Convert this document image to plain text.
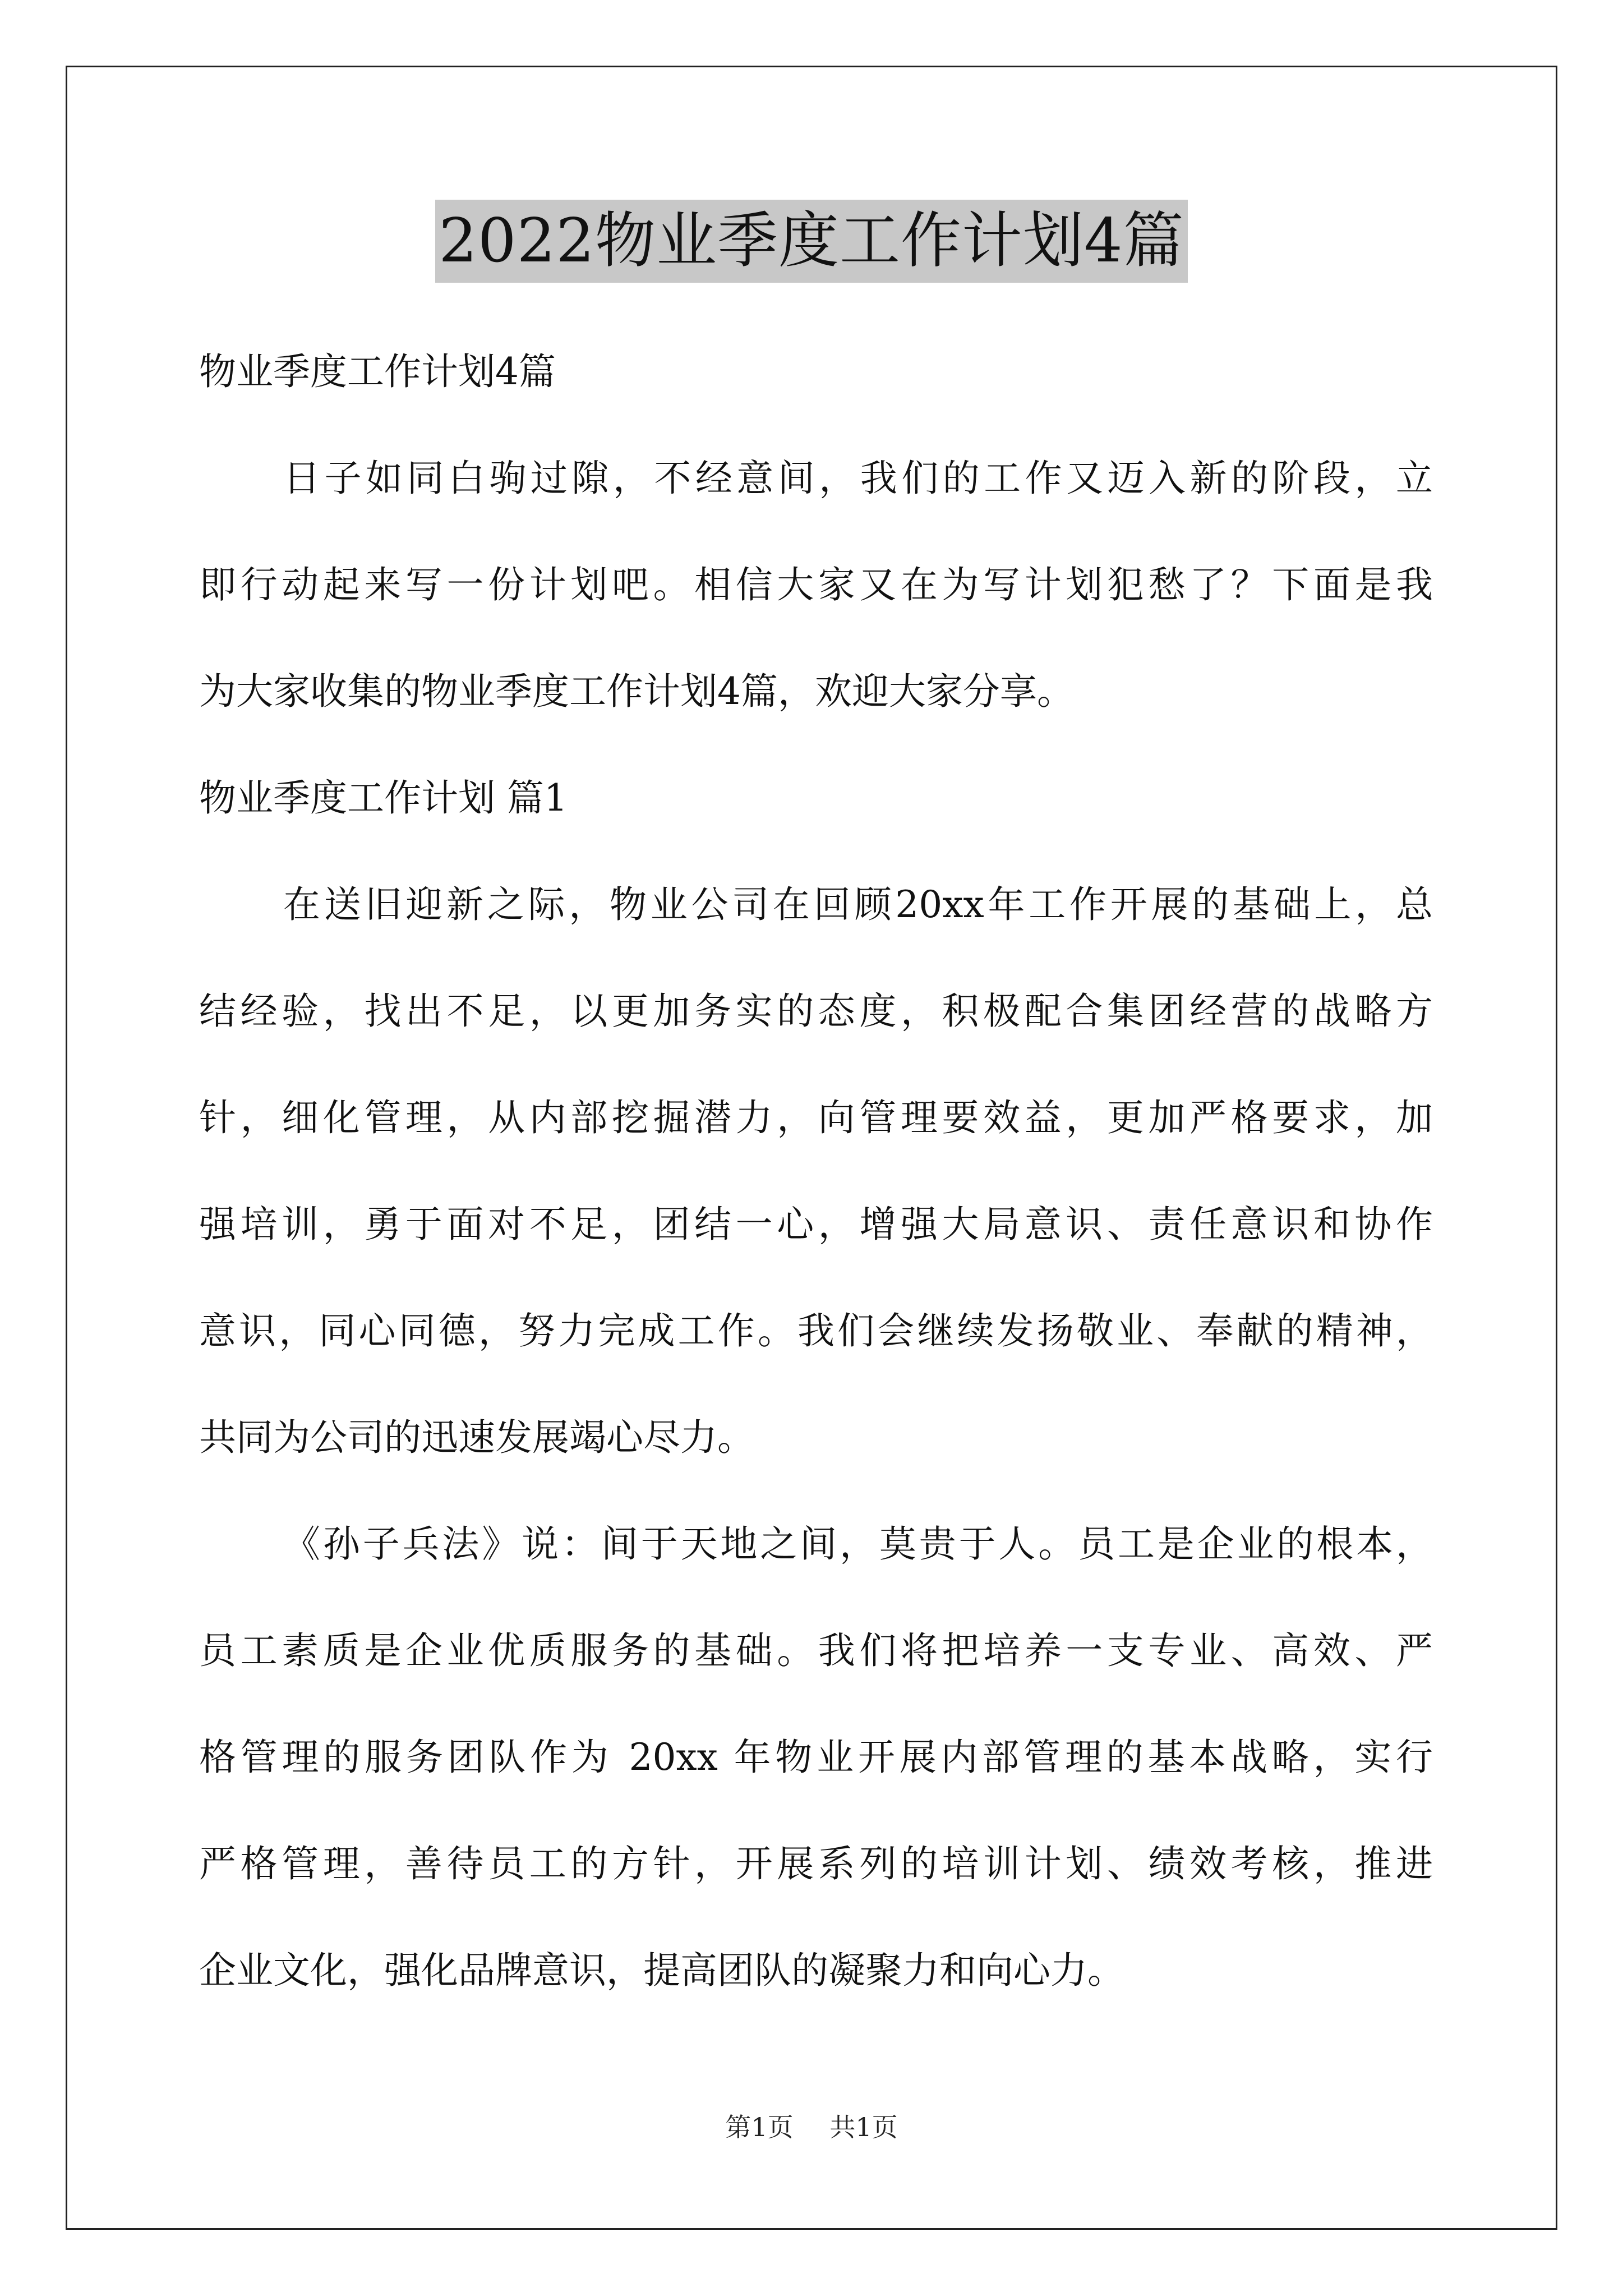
2022物业季度工作计划4篇
物业季度工作计划4篇
日子如同白驹过隙，不经意间，我们的工作又迈入新的阶段，立
即行动起来写一份计划吧。相信大家又在为写计划犯愁了？下面是我
为大家收集的物业季度工作计划4篇，欢迎大家分享。
物业季度工作计划 篇1
在送旧迎新之际，物业公司在回顾20xx年工作开展的基础上，总
结经验，找出不足，以更加务实的态度，积极配合集团经营的战略方
针，细化管理，从内部挖掘潜力，向管理要效益，更加严格要求，加
强培训，勇于面对不足，团结一心，增强大局意识、责任意识和协作
意识，同心同德，努力完成工作。我们会继续发扬敬业、奉献的精神，
共同为公司的迅速发展竭心尽力。
《孙子兵法》说：间于天地之间，莫贵于人。员工是企业的根本，
员工素质是企业优质服务的基础。我们将把培养一支专业、高效、严
格管理的服务团队作为 20xx 年物业开展内部管理的基本战略，实行
严格管理，善待员工的方针，开展系列的培训计划、绩效考核，推进
企业文化，强化品牌意识，提高团队的凝聚力和向心力。
第1页 共1页
